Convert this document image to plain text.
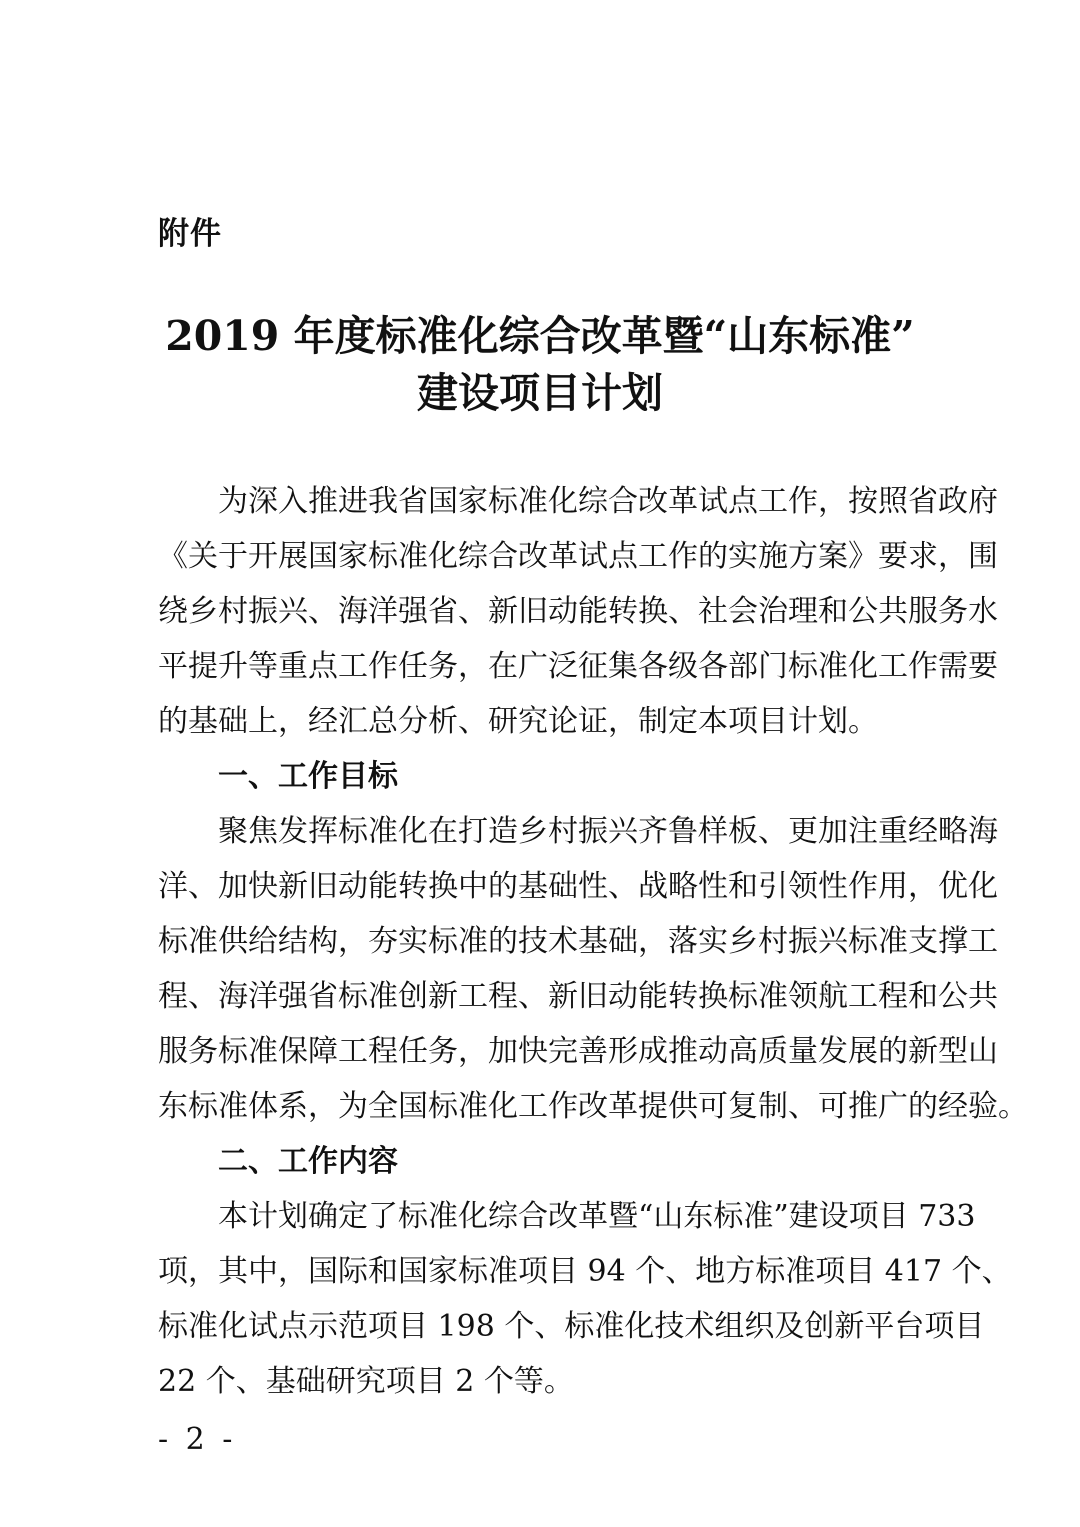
附件
2019 年度标准化综合改革暨“山东标准”
建设项目计划
为深入推进我省国家标准化综合改革试点工作，按照省政府
《关于开展国家标准化综合改革试点工作的实施方案》要求，围
绕乡村振兴、海洋强省、新旧动能转换、社会治理和公共服务水
平提升等重点工作任务，在广泛征集各级各部门标准化工作需要
的基础上，经汇总分析、研究论证，制定本项目计划。
一、工作目标
聚焦发挥标准化在打造乡村振兴齐鲁样板、更加注重经略海
洋、加快新旧动能转换中的基础性、战略性和引领性作用，优化
标准供给结构，夯实标准的技术基础，落实乡村振兴标准支撑工
程、海洋强省标准创新工程、新旧动能转换标准领航工程和公共
服务标准保障工程任务，加快完善形成推动高质量发展的新型山
东标准体系，为全国标准化工作改革提供可复制、可推广的经验。
二、工作内容
本计划确定了标准化综合改革暨“山东标准”建设项目 733
项，其中，国际和国家标准项目 94 个、地方标准项目 417 个、
标准化试点示范项目 198 个、标准化技术组织及创新平台项目
22 个、基础研究项目 2 个等。
- 2 -
